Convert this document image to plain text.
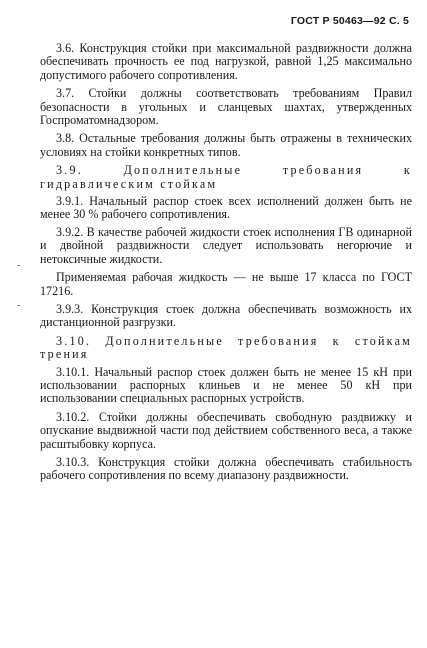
ГОСТ Р 50463—92 С. 5

3.6. Конструкция стойки при максимальной раздвижности должна обеспечивать прочность ее под нагрузкой, равной 1,25 максимально допустимого рабочего сопротивления.

3.7. Стойки должны соответствовать требованиям Правил безопасности в угольных и сланцевых шахтах, утвержденных Госпроматомнадзором.

3.8. Остальные требования должны быть отражены в технических условиях на стойки конкретных типов.

3.9. Дополнительные требования к гидравлическим стойкам

3.9.1. Начальный распор стоек всех исполнений должен быть не менее 30 % рабочего сопротивления.

3.9.2. В качестве рабочей жидкости стоек исполнения ГВ одинарной и двойной раздвижности следует использовать негорючие и нетоксичные жидкости.

Применяемая рабочая жидкость — не выше 17 класса по ГОСТ 17216.

3.9.3. Конструкция стоек должна обеспечивать возможность их дистанционной разгрузки.

3.10. Дополнительные требования к стойкам трения

3.10.1. Начальный распор стоек должен быть не менее 15 кН при использовании распорных клиньев и не менее 50 кН при использовании специальных распорных устройств.

3.10.2. Стойки должны обеспечивать свободную раздвижку и опускание выдвижной части под действием собственного веса, а также расштыбовку корпуса.

3.10.3. Конструкция стойки должна обеспечивать стабильность рабочего сопротивления по всему диапазону раздвижности.
